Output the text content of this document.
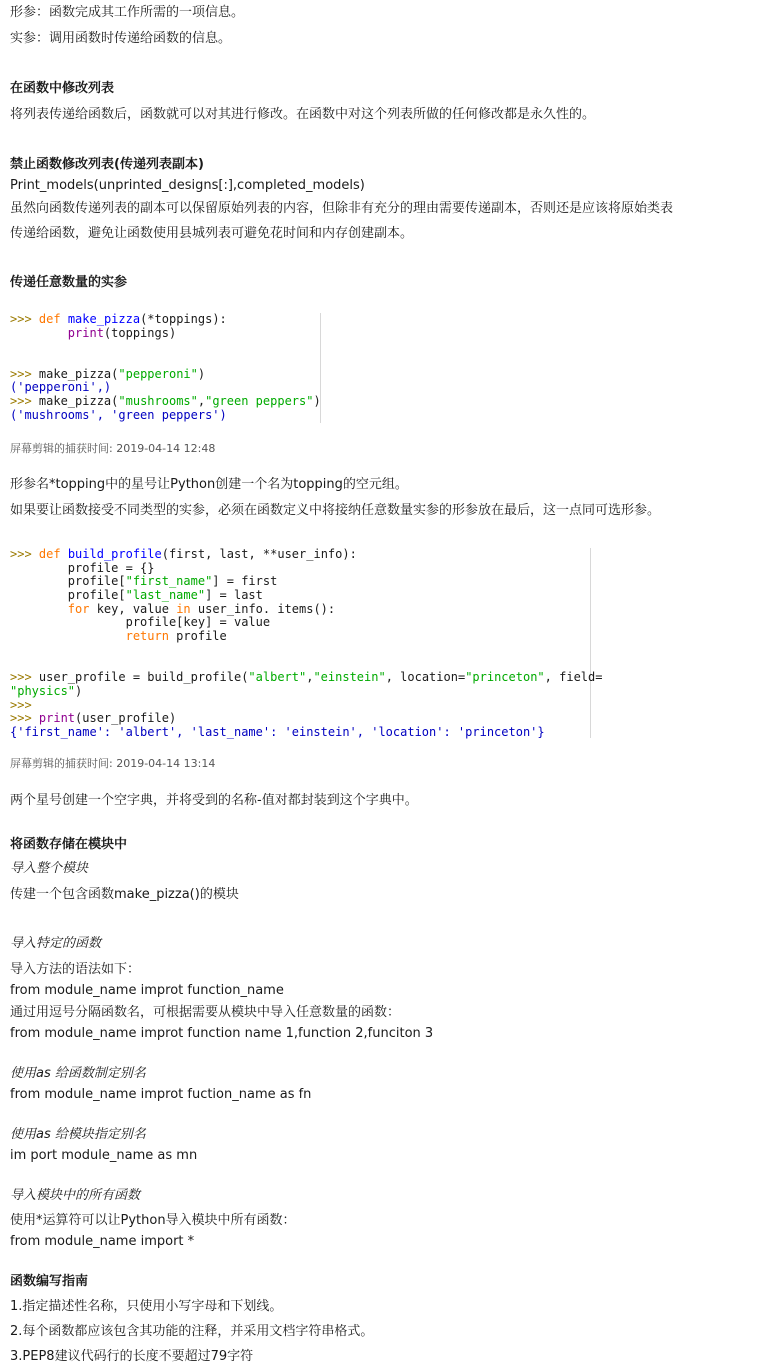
形参：函数完成其工作所需的一项信息。
实参：调用函数时传递给函数的信息。
在函数中修改列表
将列表传递给函数后，函数就可以对其进行修改。在函数中对这个列表所做的任何修改都是永久性的。
禁止函数修改列表(传递列表副本)
Print_models(unprinted_designs[:],completed_models)
虽然向函数传递列表的副本可以保留原始列表的内容，但除非有充分的理由需要传递副本，否则还是应该将原始类表
传递给函数，避免让函数使用县城列表可避免花时间和内存创建副本。
传递任意数量的实参
>>> def make_pizza(*toppings):
print(toppings)

>>> make_pizza("pepperoni")
('pepperoni',)
>>> make_pizza("mushrooms","green peppers")
('mushrooms', 'green peppers')
屏幕剪辑的捕获时间: 2019-04-14 12:48
形参名*topping中的星号让Python创建一个名为topping的空元组。
如果要让函数接受不同类型的实参，必须在函数定义中将接纳任意数量实参的形参放在最后，这一点同可选形参。
>>> def build_profile(first, last, **user_info):
profile = {}
profile["first_name"] = first
profile["last_name"] = last
for key, value in user_info. items():
profile[key] = value
return profile

>>> user_profile = build_profile("albert","einstein", location="princeton", field=
"physics")
>>>
>>> print(user_profile)
{'first_name': 'albert', 'last_name': 'einstein', 'location': 'princeton'}
屏幕剪辑的捕获时间: 2019-04-14 13:14
两个星号创建一个空字典，并将受到的名称-值对都封装到这个字典中。
将函数存储在模块中
导入整个模块
传建一个包含函数make_pizza()的模块
导入特定的函数
导入方法的语法如下：
from module_name improt function_name
通过用逗号分隔函数名，可根据需要从模块中导入任意数量的函数：
from module_name improt function name 1,function 2,funciton 3
使用as 给函数制定别名
from module_name improt fuction_name as fn
使用as 给模块指定别名
im port module_name as mn
导入模块中的所有函数
使用*运算符可以让Python导入模块中所有函数：
from module_name import *
函数编写指南
1.指定描述性名称，只使用小写字母和下划线。
2.每个函数都应该包含其功能的注释，并采用文档字符串格式。
3.PEP8建议代码行的长度不要超过79字符
